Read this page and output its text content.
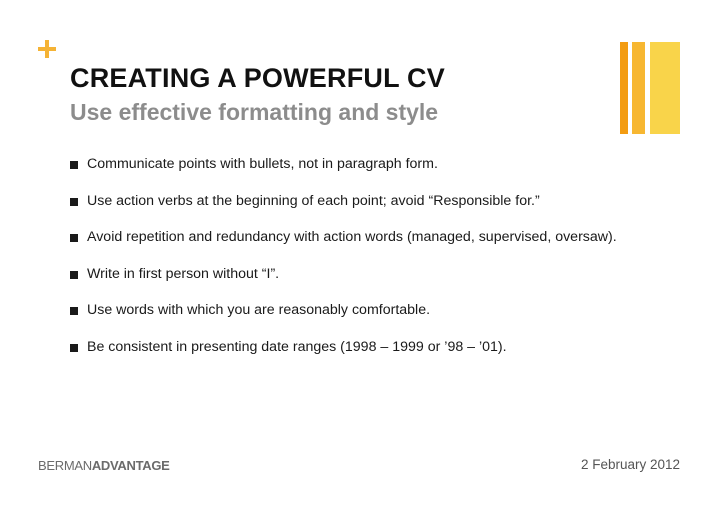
CREATING A POWERFUL CV
Use effective formatting and style
Communicate points with bullets, not in paragraph form.
Use action verbs at the beginning of each point; avoid “Responsible for.”
Avoid repetition and redundancy with action words (managed, supervised, oversaw).
Write in first person without “I”.
Use words with which you are reasonably comfortable.
Be consistent in presenting date ranges (1998 – 1999 or ’98 – ’01).
BERMANADVANTAGE	2 February 2012
